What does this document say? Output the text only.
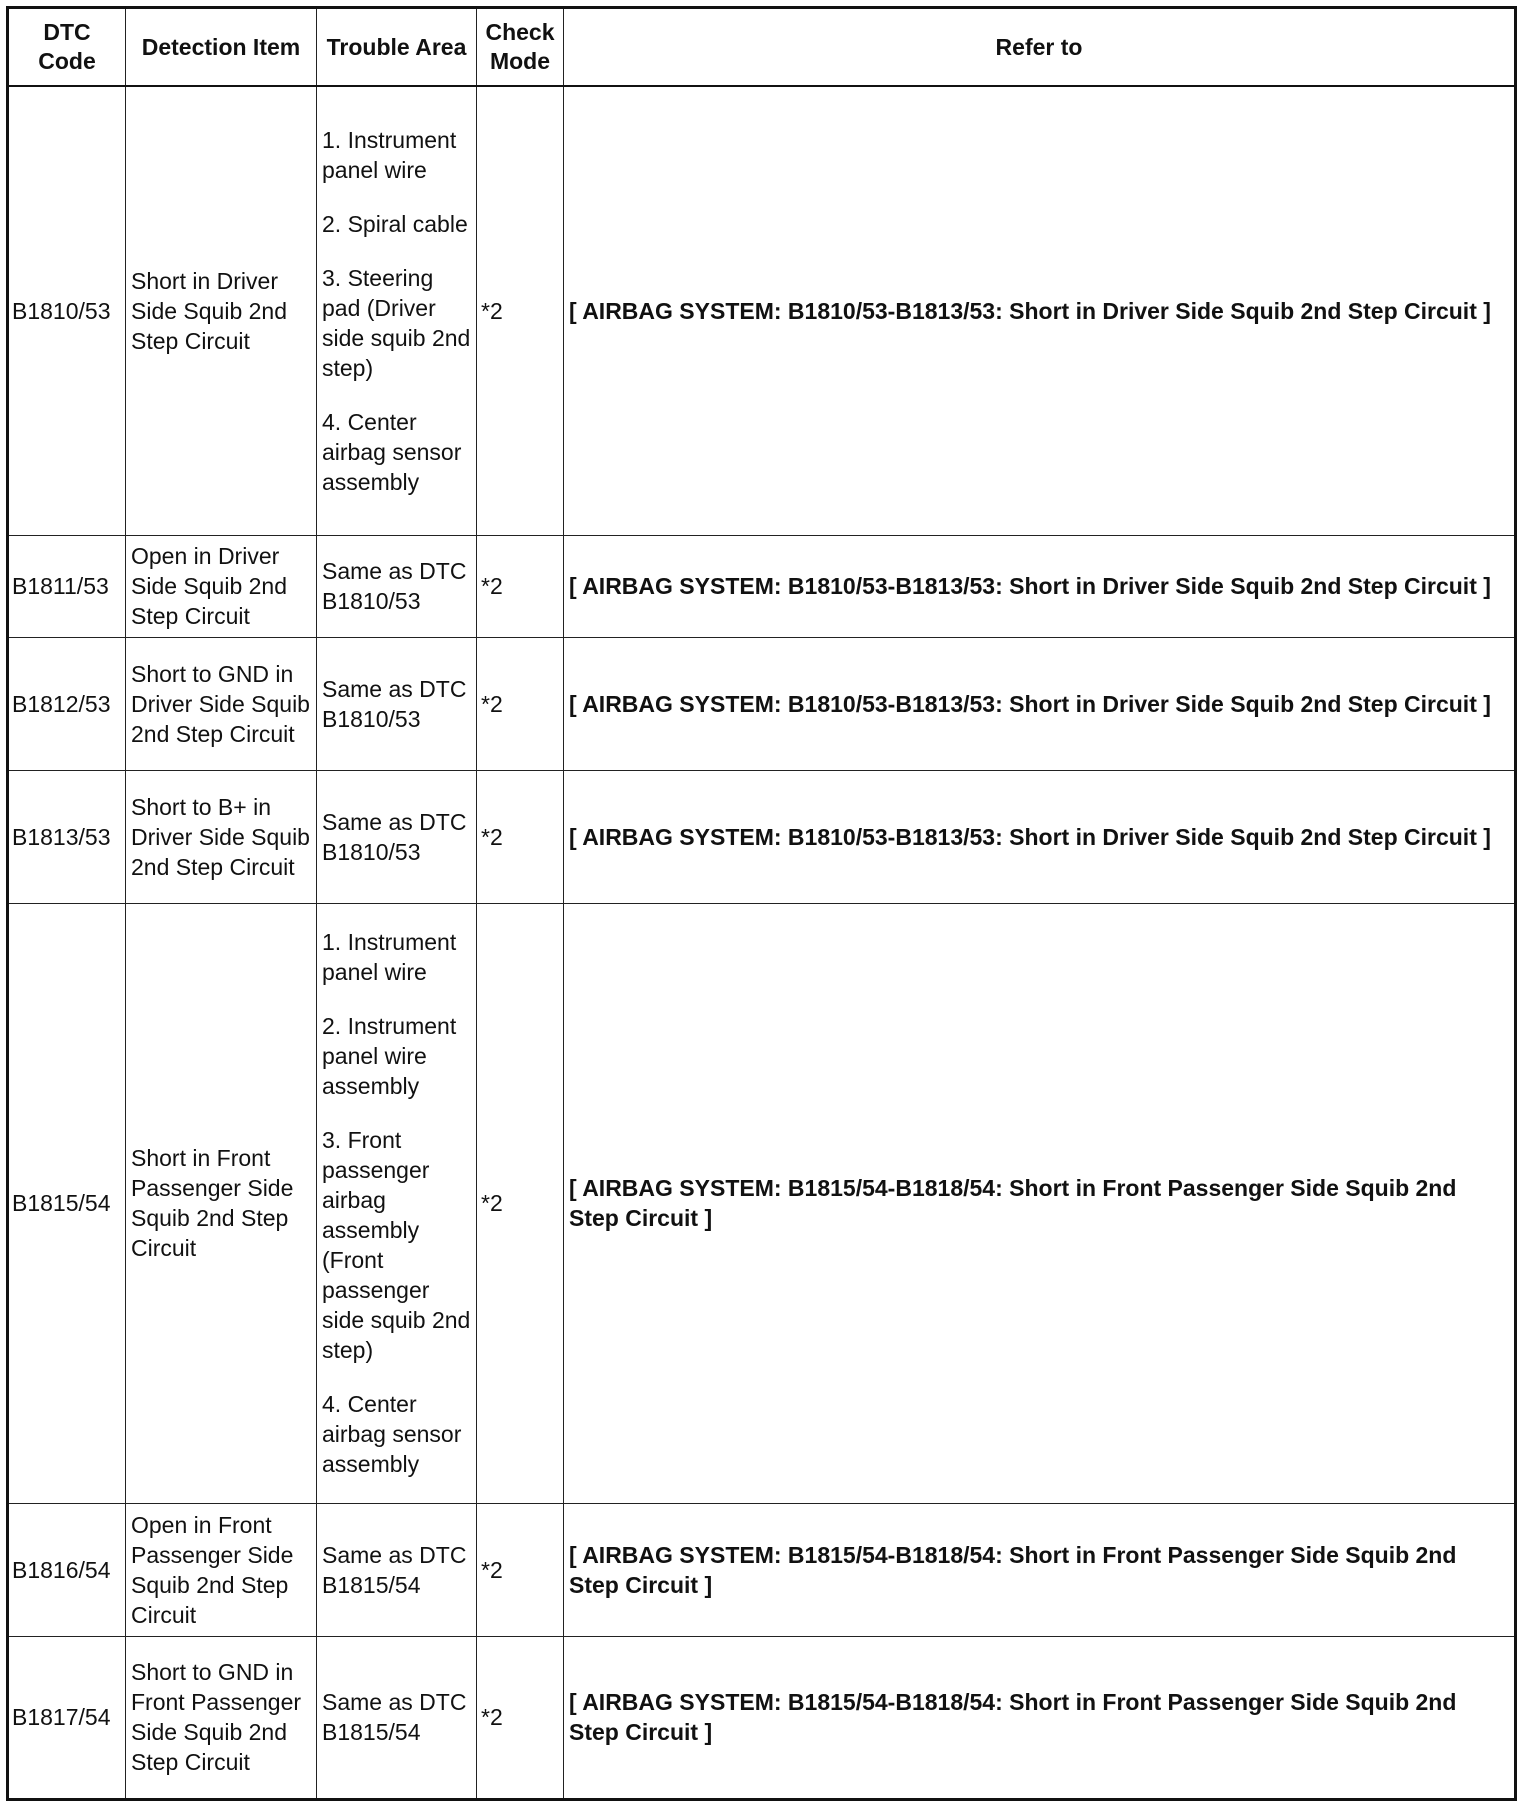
DTC Code	Detection Item	Trouble Area	Check Mode	Refer to
B1810/53	Short in Driver Side Squib 2nd Step Circuit	1. Instrument panel wire
2. Spiral cable
3. Steering pad (Driver side squib 2nd step)
4. Center airbag sensor assembly	*2	[ AIRBAG SYSTEM: B1810/53-B1813/53: Short in Driver Side Squib 2nd Step Circuit ]
B1811/53	Open in Driver Side Squib 2nd Step Circuit	Same as DTC B1810/53	*2	[ AIRBAG SYSTEM: B1810/53-B1813/53: Short in Driver Side Squib 2nd Step Circuit ]
B1812/53	Short to GND in Driver Side Squib 2nd Step Circuit	Same as DTC B1810/53	*2	[ AIRBAG SYSTEM: B1810/53-B1813/53: Short in Driver Side Squib 2nd Step Circuit ]
B1813/53	Short to B+ in Driver Side Squib 2nd Step Circuit	Same as DTC B1810/53	*2	[ AIRBAG SYSTEM: B1810/53-B1813/53: Short in Driver Side Squib 2nd Step Circuit ]
B1815/54	Short in Front Passenger Side Squib 2nd Step Circuit	1. Instrument panel wire
2. Instrument panel wire assembly
3. Front passenger airbag assembly (Front passenger side squib 2nd step)
4. Center airbag sensor assembly	*2	[ AIRBAG SYSTEM: B1815/54-B1818/54: Short in Front Passenger Side Squib 2nd Step Circuit ]
B1816/54	Open in Front Passenger Side Squib 2nd Step Circuit	Same as DTC B1815/54	*2	[ AIRBAG SYSTEM: B1815/54-B1818/54: Short in Front Passenger Side Squib 2nd Step Circuit ]
B1817/54	Short to GND in Front Passenger Side Squib 2nd Step Circuit	Same as DTC B1815/54	*2	[ AIRBAG SYSTEM: B1815/54-B1818/54: Short in Front Passenger Side Squib 2nd Step Circuit ]
